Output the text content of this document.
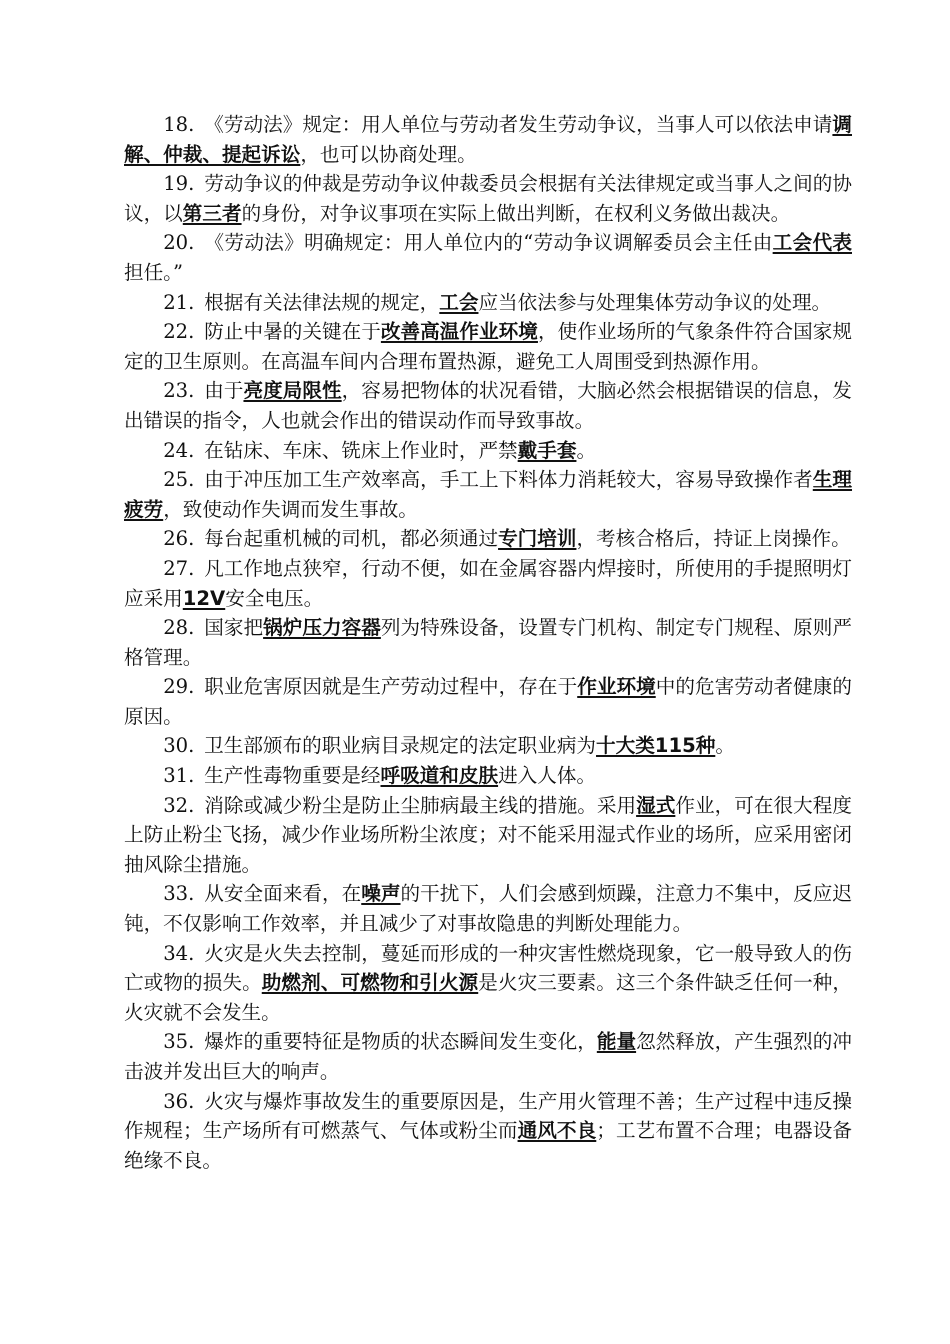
18. 《劳动法》规定：用人单位与劳动者发生劳动争议，当事人可以依法申请调解、仲裁、提起诉讼，也可以协商处理。

19. 劳动争议的仲裁是劳动争议仲裁委员会根据有关法律规定或当事人之间的协议，以第三者的身份，对争议事项在实际上做出判断，在权利义务做出裁决。

20. 《劳动法》明确规定：用人单位内的“劳动争议调解委员会主任由工会代表担任。”

21. 根据有关法律法规的规定，工会应当依法参与处理集体劳动争议的处理。

22. 防止中暑的关键在于改善高温作业环境，使作业场所的气象条件符合国家规定的卫生原则。在高温车间内合理布置热源，避免工人周围受到热源作用。

23. 由于亮度局限性，容易把物体的状况看错，大脑必然会根据错误的信息，发出错误的指令，人也就会作出的错误动作而导致事故。

24. 在钻床、车床、铣床上作业时，严禁戴手套。

25. 由于冲压加工生产效率高，手工上下料体力消耗较大，容易导致操作者生理疲劳，致使动作失调而发生事故。

26. 每台起重机械的司机，都必须通过专门培训，考核合格后，持证上岗操作。

27. 凡工作地点狭窄，行动不便，如在金属容器内焊接时，所使用的手提照明灯应采用12V安全电压。

28. 国家把锅炉压力容器列为特殊设备，设置专门机构、制定专门规程、原则严格管理。

29. 职业危害原因就是生产劳动过程中，存在于作业环境中的危害劳动者健康的原因。

30. 卫生部颁布的职业病目录规定的法定职业病为十大类115种。

31. 生产性毒物重要是经呼吸道和皮肤进入人体。

32. 消除或减少粉尘是防止尘肺病最主线的措施。采用湿式作业，可在很大程度上防止粉尘飞扬，减少作业场所粉尘浓度；对不能采用湿式作业的场所，应采用密闭抽风除尘措施。

33. 从安全面来看，在噪声的干扰下，人们会感到烦躁，注意力不集中，反应迟钝，不仅影响工作效率，并且减少了对事故隐患的判断处理能力。

34. 火灾是火失去控制，蔓延而形成的一种灾害性燃烧现象，它一般导致人的伤亡或物的损失。助燃剂、可燃物和引火源是火灾三要素。这三个条件缺乏任何一种，火灾就不会发生。

35. 爆炸的重要特征是物质的状态瞬间发生变化，能量忽然释放，产生强烈的冲击波并发出巨大的响声。

36. 火灾与爆炸事故发生的重要原因是，生产用火管理不善；生产过程中违反操作规程；生产场所有可燃蒸气、气体或粉尘而通风不良；工艺布置不合理；电器设备绝缘不良。
